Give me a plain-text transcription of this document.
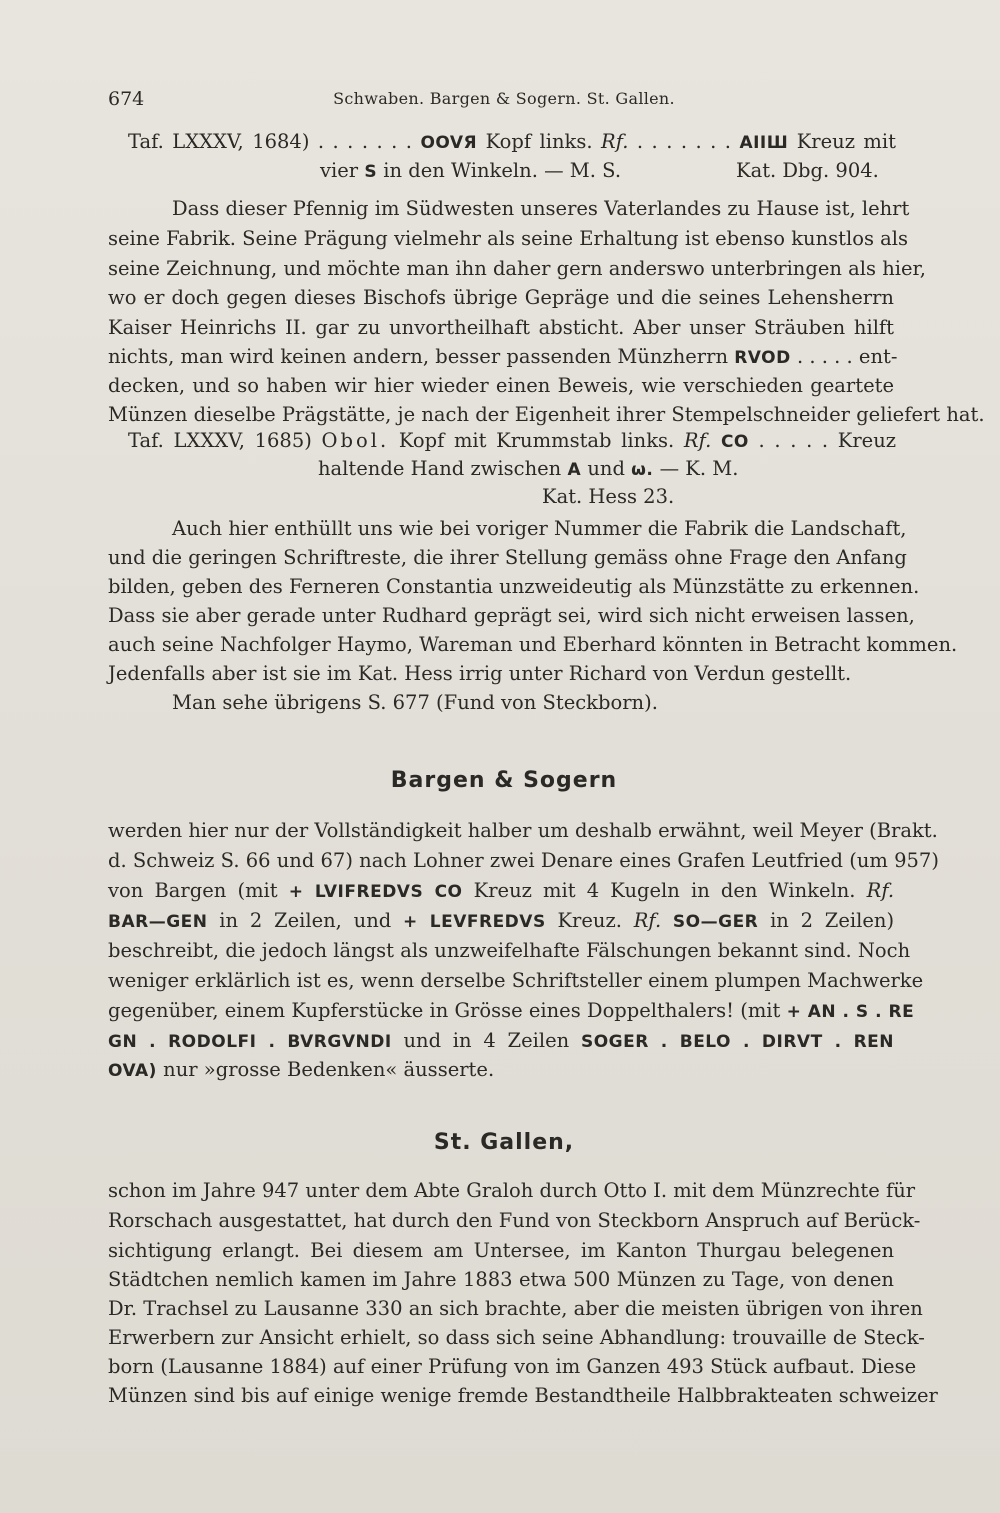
674	Schwaben. Bargen & Sogern. St. Gallen.
Taf. LXXXV, 1684) . . . . . . . ОOVЯ Kopf links. Rf. . . . . . . . AIIШ Kreuz mit
vier S in den Winkeln. — M. S.	Kat. Dbg. 904.
Dass dieser Pfennig im Südwesten unseres Vaterlandes zu Hause ist, lehrt
seine Fabrik. Seine Prägung vielmehr als seine Erhaltung ist ebenso kunstlos als
seine Zeichnung, und möchte man ihn daher gern anderswo unterbringen als hier,
wo er doch gegen dieses Bischofs übrige Gepräge und die seines Lehensherrn
Kaiser Heinrichs II. gar zu unvortheilhaft absticht. Aber unser Sträuben hilft
nichts, man wird keinen andern, besser passenden Münzherrn RVOD . . . . . ent-
decken, und so haben wir hier wieder einen Beweis, wie verschieden geartete
Münzen dieselbe Prägstätte, je nach der Eigenheit ihrer Stempelschneider geliefert hat.
Taf. LXXXV, 1685) Obol. Kopf mit Krummstab links. Rf. CO . . . . . Kreuz
haltende Hand zwischen A und ω. — K. M.
Kat. Hess 23.
Auch hier enthüllt uns wie bei voriger Nummer die Fabrik die Landschaft,
und die geringen Schriftreste, die ihrer Stellung gemäss ohne Frage den Anfang
bilden, geben des Ferneren Constantia unzweideutig als Münzstätte zu erkennen.
Dass sie aber gerade unter Rudhard geprägt sei, wird sich nicht erweisen lassen,
auch seine Nachfolger Haymo, Wareman und Eberhard könnten in Betracht kommen.
Jedenfalls aber ist sie im Kat. Hess irrig unter Richard von Verdun gestellt.
Man sehe übrigens S. 677 (Fund von Steckborn).
Bargen & Sogern
werden hier nur der Vollständigkeit halber um deshalb erwähnt, weil Meyer (Brakt.
d. Schweiz S. 66 und 67) nach Lohner zwei Denare eines Grafen Leutfried (um 957)
von Bargen (mit + LVIFREDVS CO Kreuz mit 4 Kugeln in den Winkeln. Rf.
BAR—GEN in 2 Zeilen, und + LEVFREDVS Kreuz. Rf. SO—GER in 2 Zeilen)
beschreibt, die jedoch längst als unzweifelhafte Fälschungen bekannt sind. Noch
weniger erklärlich ist es, wenn derselbe Schriftsteller einem plumpen Machwerke
gegenüber, einem Kupferstücke in Grösse eines Doppelthalers! (mit + AN . S . RE
GN . RODOLFI . BVRGVNDI und in 4 Zeilen SOGER . BELO . DIRVT . REN
OVA) nur »grosse Bedenken« äusserte.
St. Gallen,
schon im Jahre 947 unter dem Abte Graloh durch Otto I. mit dem Münzrechte für
Rorschach ausgestattet, hat durch den Fund von Steckborn Anspruch auf Berück-
sichtigung erlangt. Bei diesem am Untersee, im Kanton Thurgau belegenen
Städtchen nemlich kamen im Jahre 1883 etwa 500 Münzen zu Tage, von denen
Dr. Trachsel zu Lausanne 330 an sich brachte, aber die meisten übrigen von ihren
Erwerbern zur Ansicht erhielt, so dass sich seine Abhandlung: trouvaille de Steck-
born (Lausanne 1884) auf einer Prüfung von im Ganzen 493 Stück aufbaut. Diese
Münzen sind bis auf einige wenige fremde Bestandtheile Halbbrakteaten schweizer
